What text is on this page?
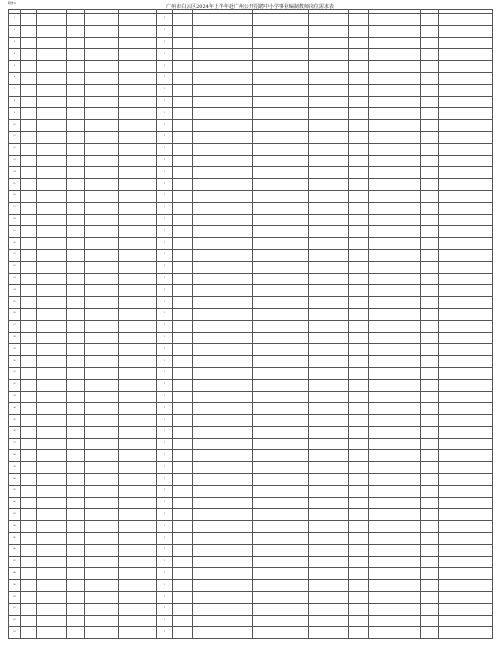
附件1
广州市白云区2024年上半年赴广州公开招聘中小学事业编制教师岗位需求表

1						1								
2						1								
3						1								
4						1								
5						1								
6						1								
7						1								
8						1								
9						1								
10						1								
11						1								
12						1								
13						1								
14						1								
15						1								
16						1								
17						1								
18						1								
19						1								
20						1								
21						1								
22						1								
23						1								
24						1								
25						1								
26						1								
27						1								
28						1								
29						1								
30						1								
31						1								
32						1								
33						1								
34						1								
35						1								
36						1								
37						1								
38						1								
39						1								
40						1								
41						1								
42						1								
43						1								
44						1								
45						1								
46						1								
47						1								
48						1								
49						1								
50						1								
51						1								
52						1								
53						1								
